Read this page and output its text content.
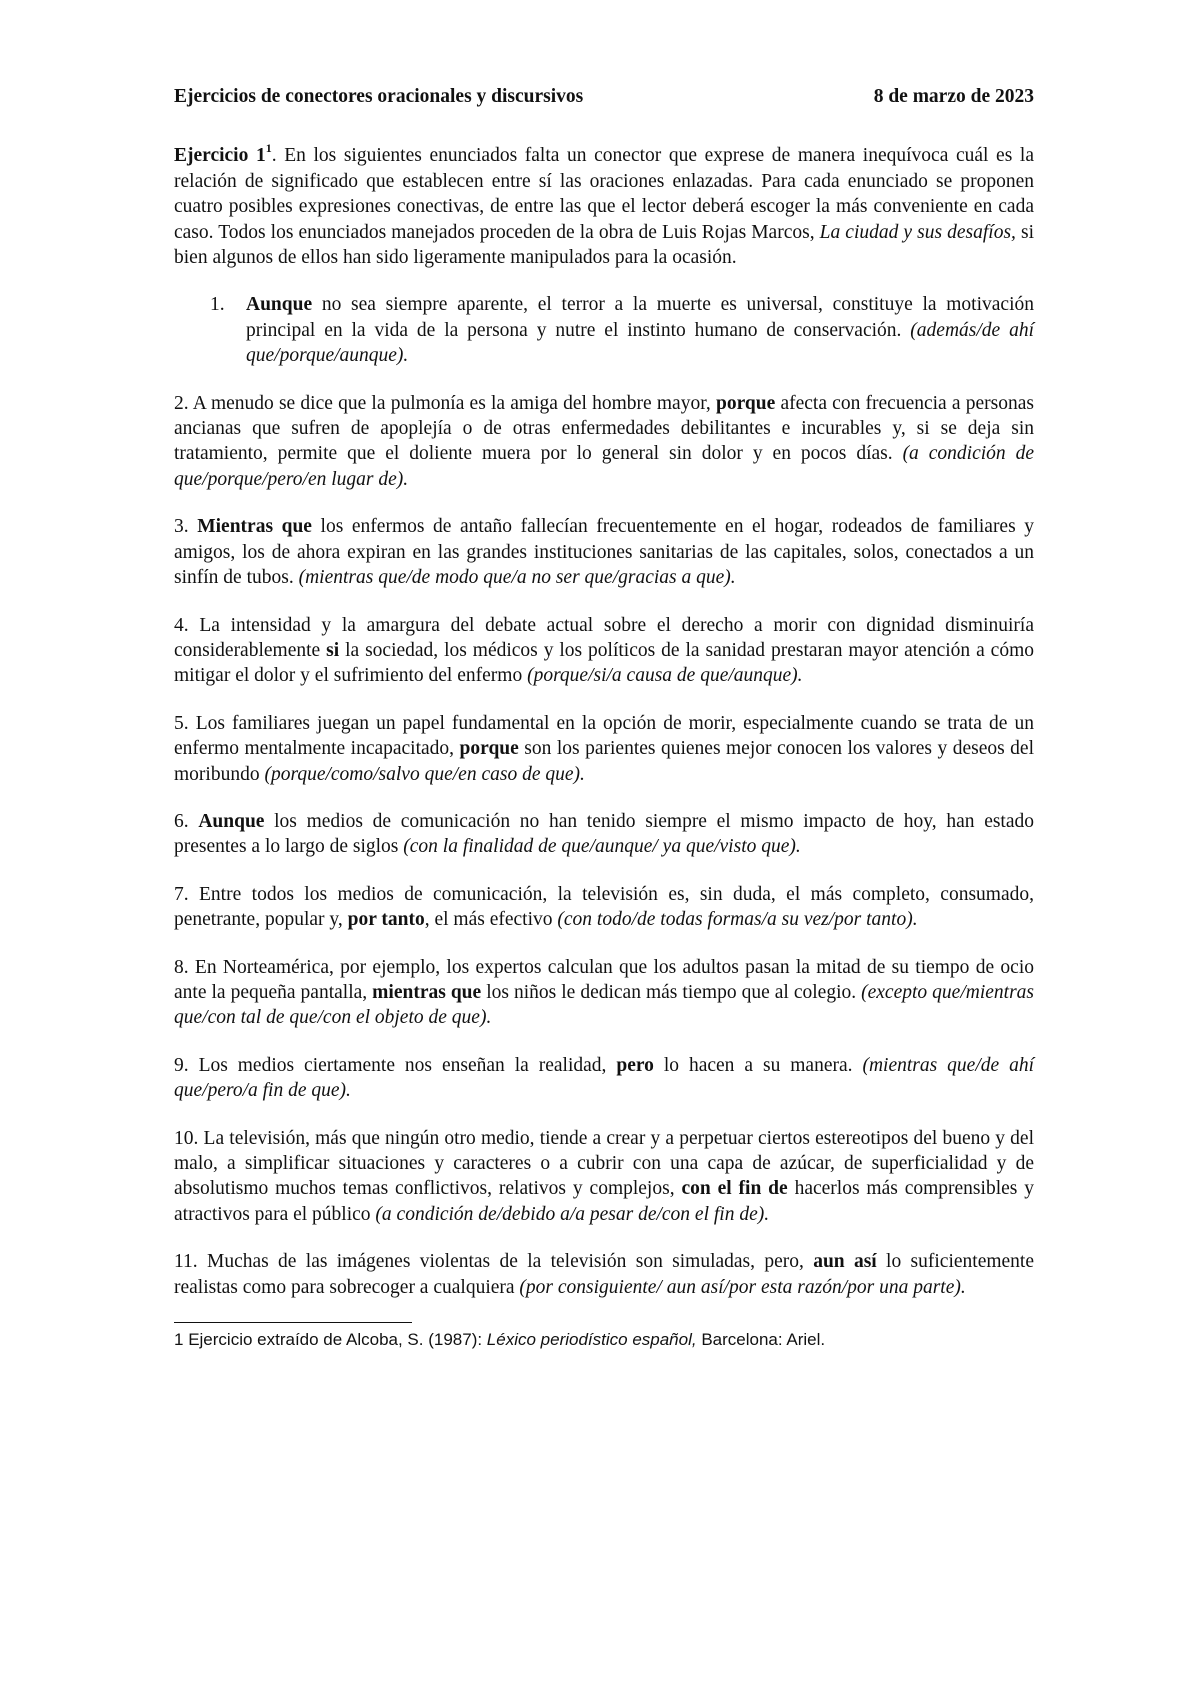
Ejercicios de conectores oracionales y discursivos	8 de marzo de 2023

Ejercicio $1^1$. En los siguientes enunciados falta un conector que exprese de manera inequívoca cuál es la relación de significado que establecen entre sí las oraciones enlazadas. Para cada enunciado se proponen cuatro posibles expresiones conectivas, de entre las que el lector deberá escoger la más conveniente en cada caso. Todos los enunciados manejados proceden de la obra de Luis Rojas Marcos, La ciudad y sus desafíos, si bien algunos de ellos han sido ligeramente manipulados para la ocasión.

1. Aunque no sea siempre aparente, el terror a la muerte es universal, constituye la motivación principal en la vida de la persona y nutre el instinto humano de conservación. (además/de ahí que/porque/aunque).

2. A menudo se dice que la pulmonía es la amiga del hombre mayor, porque afecta con frecuencia a personas ancianas que sufren de apoplejía o de otras enfermedades debilitantes e incurables y, si se deja sin tratamiento, permite que el doliente muera por lo general sin dolor y en pocos días. (a condición de que/porque/pero/en lugar de).

3. Mientras que los enfermos de antaño fallecían frecuentemente en el hogar, rodeados de familiares y amigos, los de ahora expiran en las grandes instituciones sanitarias de las capitales, solos, conectados a un sinfín de tubos. (mientras que/de modo que/a no ser que/gracias a que).

4. La intensidad y la amargura del debate actual sobre el derecho a morir con dignidad disminuiría considerablemente si la sociedad, los médicos y los políticos de la sanidad prestaran mayor atención a cómo mitigar el dolor y el sufrimiento del enfermo (porque/si/a causa de que/aunque).

5. Los familiares juegan un papel fundamental en la opción de morir, especialmente cuando se trata de un enfermo mentalmente incapacitado, porque son los parientes quienes mejor conocen los valores y deseos del moribundo (porque/como/salvo que/en caso de que).

6. Aunque los medios de comunicación no han tenido siempre el mismo impacto de hoy, han estado presentes a lo largo de siglos (con la finalidad de que/aunque/ ya que/visto que).

7. Entre todos los medios de comunicación, la televisión es, sin duda, el más completo, consumado, penetrante, popular y, por tanto, el más efectivo (con todo/de todas formas/a su vez/por tanto).

8. En Norteamérica, por ejemplo, los expertos calculan que los adultos pasan la mitad de su tiempo de ocio ante la pequeña pantalla, mientras que los niños le dedican más tiempo que al colegio. (excepto que/mientras que/con tal de que/con el objeto de que).

9. Los medios ciertamente nos enseñan la realidad, pero lo hacen a su manera. (mientras que/de ahí que/pero/a fin de que).

10. La televisión, más que ningún otro medio, tiende a crear y a perpetuar ciertos estereotipos del bueno y del malo, a simplificar situaciones y caracteres o a cubrir con una capa de azúcar, de superficialidad y de absolutismo muchos temas conflictivos, relativos y complejos, con el fin de hacerlos más comprensibles y atractivos para el público (a condición de/debido a/a pesar de/con el fin de).

11. Muchas de las imágenes violentas de la televisión son simuladas, pero, aun así lo suficientemente realistas como para sobrecoger a cualquiera (por consiguiente/ aun así/por esta razón/por una parte).

1 Ejercicio extraído de Alcoba, S. (1987): Léxico periodístico español, Barcelona: Ariel.
